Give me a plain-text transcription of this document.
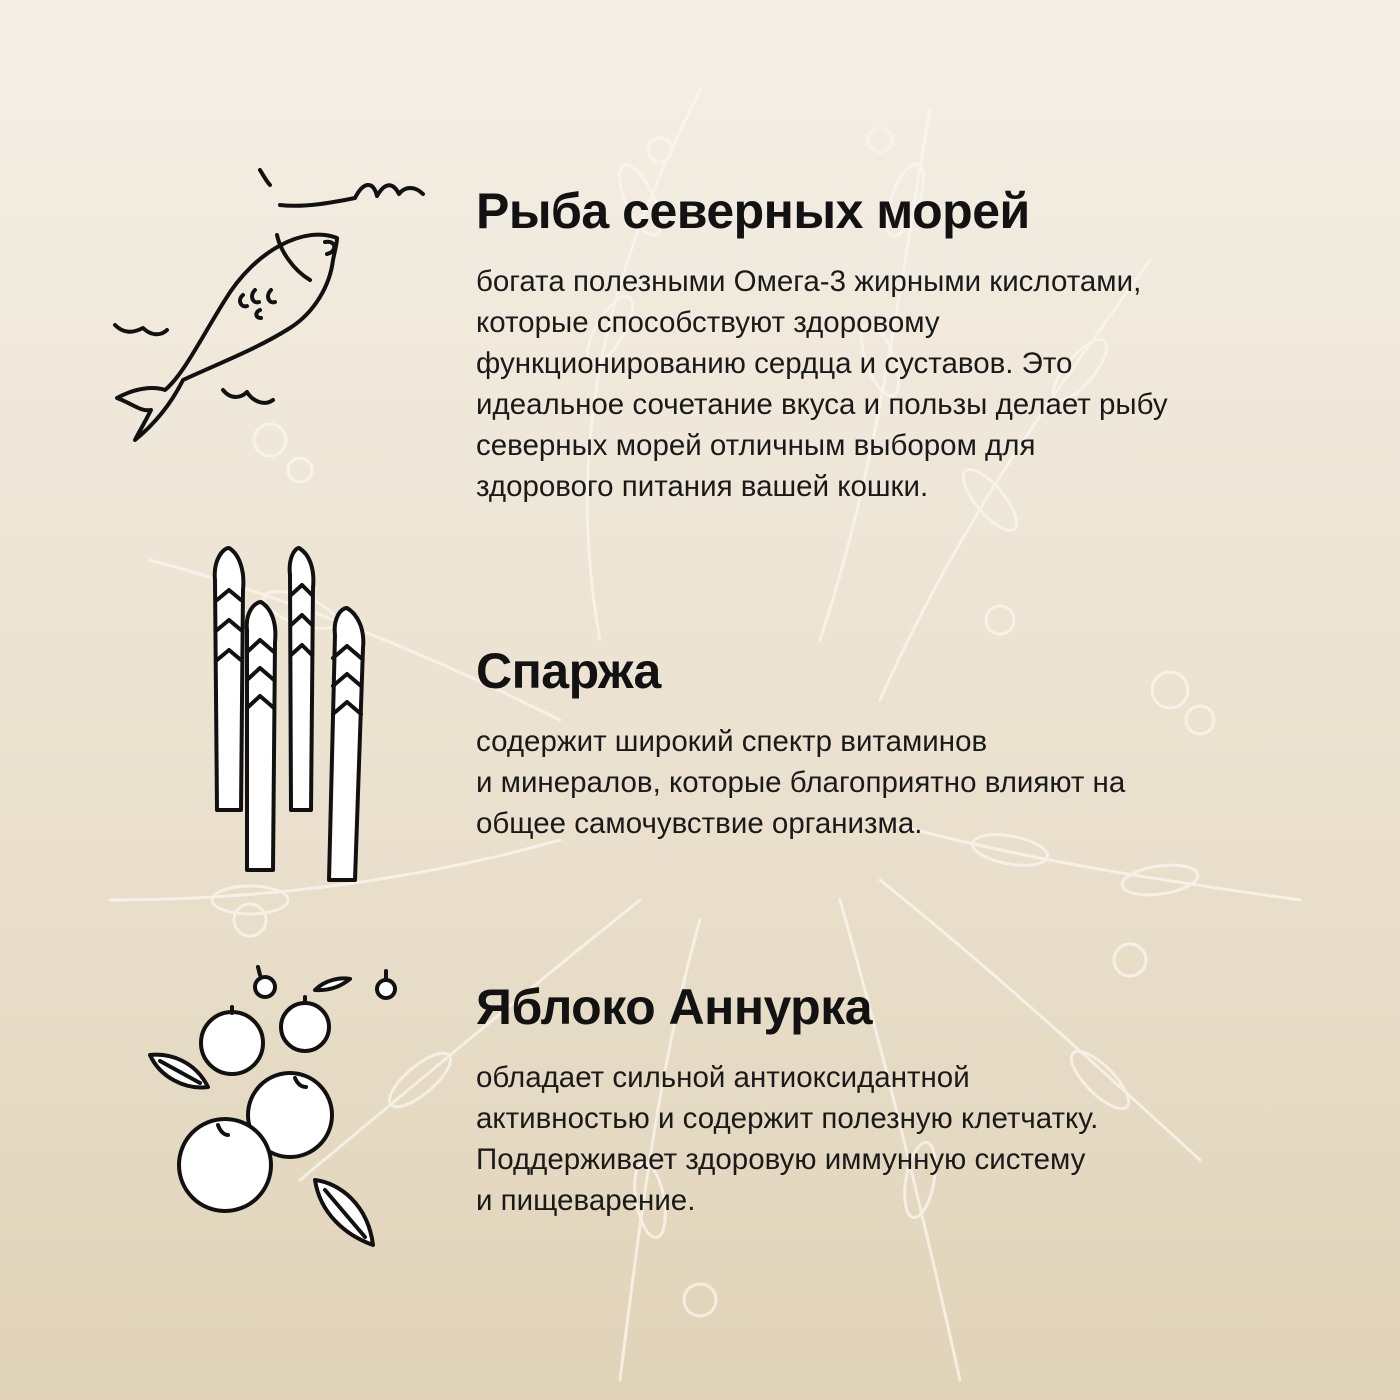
Рыба северных морей

богата полезными Омега-3 жирными кислотами,
которые способствуют здоровому
функционированию сердца и суставов. Это
идеальное сочетание вкуса и пользы делает рыбу
северных морей отличным выбором для
здорового питания вашей кошки.

Спаржа

содержит широкий спектр витаминов
и минералов, которые благоприятно влияют на
общее самочувствие организма.

Яблоко Аннурка

обладает сильной антиоксидантной
активностью и содержит полезную клетчатку.
Поддерживает здоровую иммунную систему
и пищеварение.
